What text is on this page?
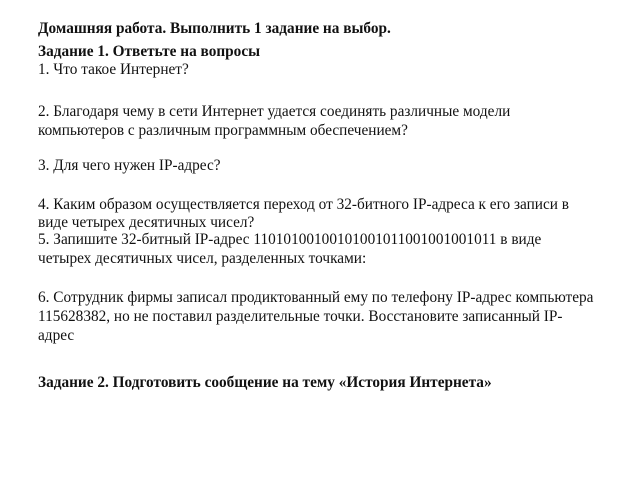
Домашняя работа. Выполнить 1 задание на выбор.
Задание 1. Ответьте на вопросы
1. Что такое Интернет?
2. Благодаря чему в сети Интернет удается соединять различные модели
компьютеров с различным программным обеспечением?
3. Для чего нужен IP-адрес?
4. Каким образом осуществляется переход от 32-битного IP-адреса к его записи в
виде четырех десятичных чисел?
5. Запишите 32-битный IP-адрес 11010100100101001011001001001011 в виде
четырех десятичных чисел, разделенных точками:
6. Сотрудник фирмы записал продиктованный ему по телефону IP-адрес компьютера
115628382, но не поставил разделительные точки. Восстановите записанный IP-
адрес
Задание 2. Подготовить сообщение на тему «История Интернета»
